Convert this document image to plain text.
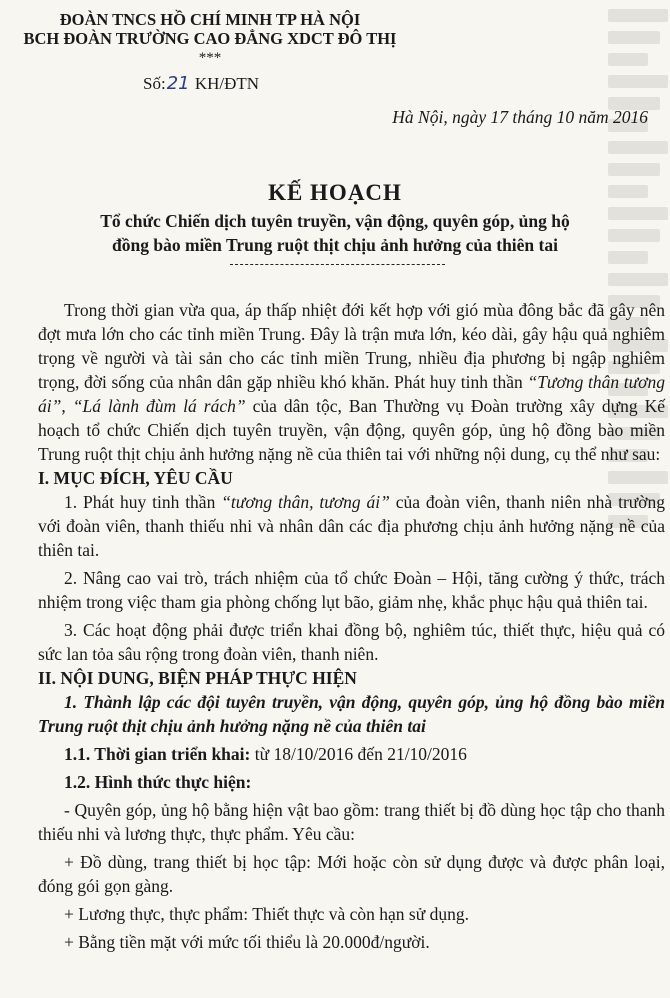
ĐOÀN TNCS HỒ CHÍ MINH TP HÀ NỘI
BCH ĐOÀN TRƯỜNG CAO ĐẲNG XDCT ĐÔ THỊ
***
Số:21 KH/ĐTN
Hà Nội, ngày 17 tháng 10 năm 2016
KẾ HOẠCH
Tổ chức Chiến dịch tuyên truyền, vận động, quyên góp, ủng hộ
đồng bào miền Trung ruột thịt chịu ảnh hưởng của thiên tai

Trong thời gian vừa qua, áp thấp nhiệt đới kết hợp với gió mùa đông bắc đã gây nên đợt mưa lớn cho các tỉnh miền Trung. Đây là trận mưa lớn, kéo dài, gây hậu quả nghiêm trọng về người và tài sản cho các tỉnh miền Trung, nhiều địa phương bị ngập nghiêm trọng, đời sống của nhân dân gặp nhiều khó khăn. Phát huy tinh thần “Tương thân tương ái”, “Lá lành đùm lá rách” của dân tộc, Ban Thường vụ Đoàn trường xây dựng Kế hoạch tổ chức Chiến dịch tuyên truyền, vận động, quyên góp, ủng hộ đồng bào miền Trung ruột thịt chịu ảnh hưởng nặng nề của thiên tai với những nội dung, cụ thể như sau:

I. MỤC ĐÍCH, YÊU CẦU

1. Phát huy tinh thần “tương thân, tương ái” của đoàn viên, thanh niên nhà trường với đoàn viên, thanh thiếu nhi và nhân dân các địa phương chịu ảnh hưởng nặng nề của thiên tai.

2. Nâng cao vai trò, trách nhiệm của tổ chức Đoàn – Hội, tăng cường ý thức, trách nhiệm trong việc tham gia phòng chống lụt bão, giảm nhẹ, khắc phục hậu quả thiên tai.

3. Các hoạt động phải được triển khai đồng bộ, nghiêm túc, thiết thực, hiệu quả có sức lan tỏa sâu rộng trong đoàn viên, thanh niên.

II. NỘI DUNG, BIỆN PHÁP THỰC HIỆN

1. Thành lập các đội tuyên truyền, vận động, quyên góp, ủng hộ đồng bào miền Trung ruột thịt chịu ảnh hưởng nặng nề của thiên tai

1.1. Thời gian triển khai: từ 18/10/2016 đến 21/10/2016

1.2. Hình thức thực hiện:

- Quyên góp, ủng hộ bằng hiện vật bao gồm: trang thiết bị đồ dùng học tập cho thanh thiếu nhi và lương thực, thực phẩm. Yêu cầu:

+ Đồ dùng, trang thiết bị học tập: Mới hoặc còn sử dụng được và được phân loại, đóng gói gọn gàng.

+ Lương thực, thực phẩm: Thiết thực và còn hạn sử dụng.

+ Bằng tiền mặt với mức tối thiểu là 20.000đ/người.
